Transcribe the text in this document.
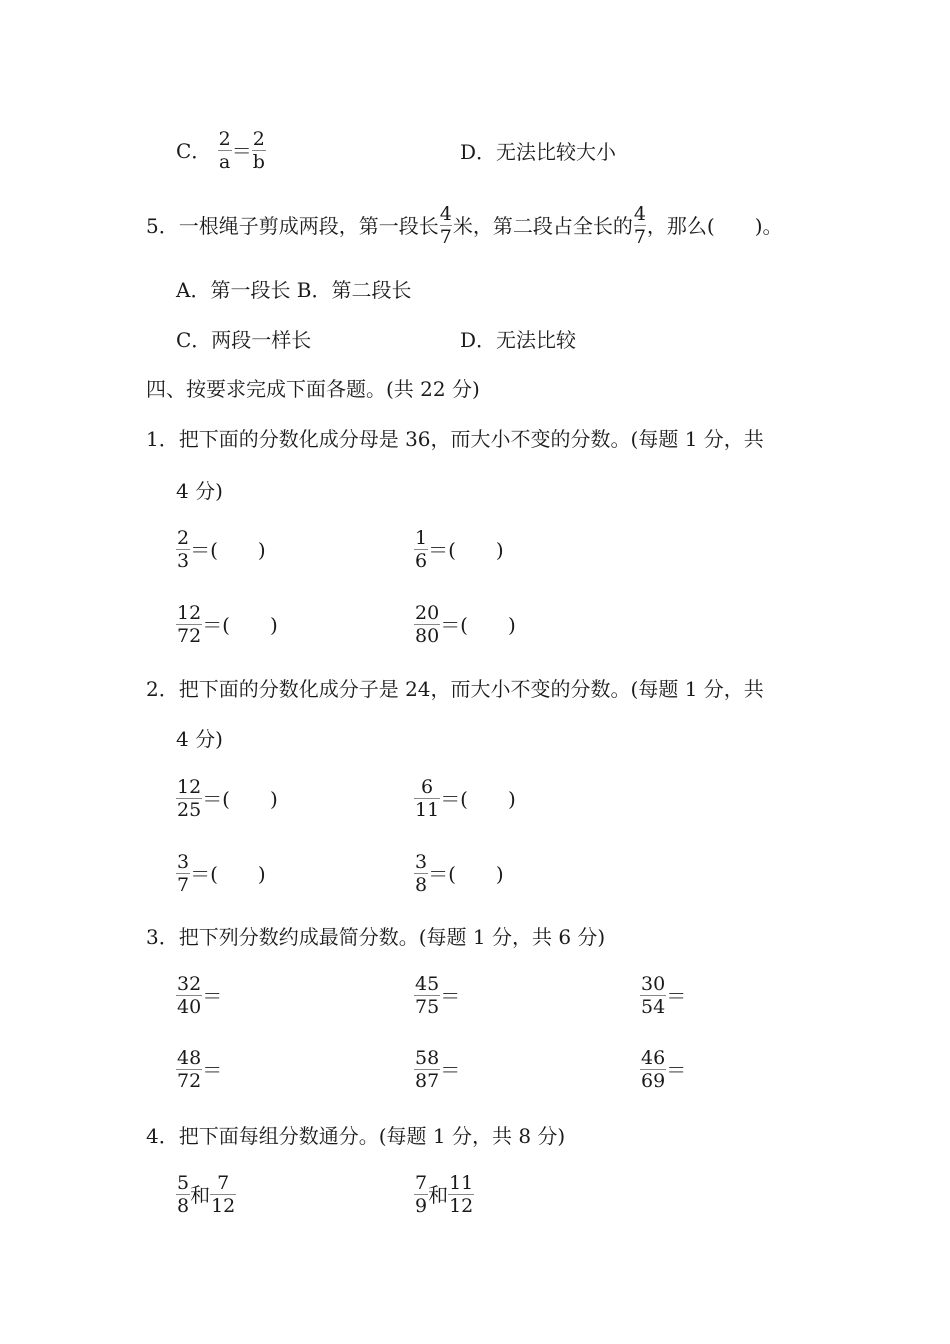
C． $\frac{2}{a} = \frac{2}{b}$	D．无法比较大小
5．一根绳子剪成两段，第一段长 $\frac{4}{7}$ 米，第二段占全长的 $\frac{4}{7}$ ，那么(　　)。
A．第一段长 B．第二段长
C．两段一样长	D．无法比较
四、按要求完成下面各题。(共 22 分)
1．把下面的分数化成分母是 36，而大小不变的分数。(每题 1 分，共
4 分)
$\frac{2}{3}$ ＝(　　)	$\frac{1}{6}$ ＝(　　)
$\frac{12}{72}$ ＝(　　)	$\frac{20}{80}$ ＝(　　)
2．把下面的分数化成分子是 24，而大小不变的分数。(每题 1 分，共
4 分)
$\frac{12}{25}$ ＝(　　)	$\frac{6}{11}$ ＝(　　)
$\frac{3}{7}$ ＝(　　)	$\frac{3}{8}$ ＝(　　)
3．把下列分数约成最简分数。(每题 1 分，共 6 分)
$\frac{32}{40}$ ＝	$\frac{45}{75}$ ＝	$\frac{30}{54}$ ＝
$\frac{48}{72}$ ＝	$\frac{58}{87}$ ＝	$\frac{46}{69}$ ＝
4．把下面每组分数通分。(每题 1 分，共 8 分)
$\frac{5}{8}$ 和 $\frac{7}{12}$	$\frac{7}{9}$ 和 $\frac{11}{12}$
